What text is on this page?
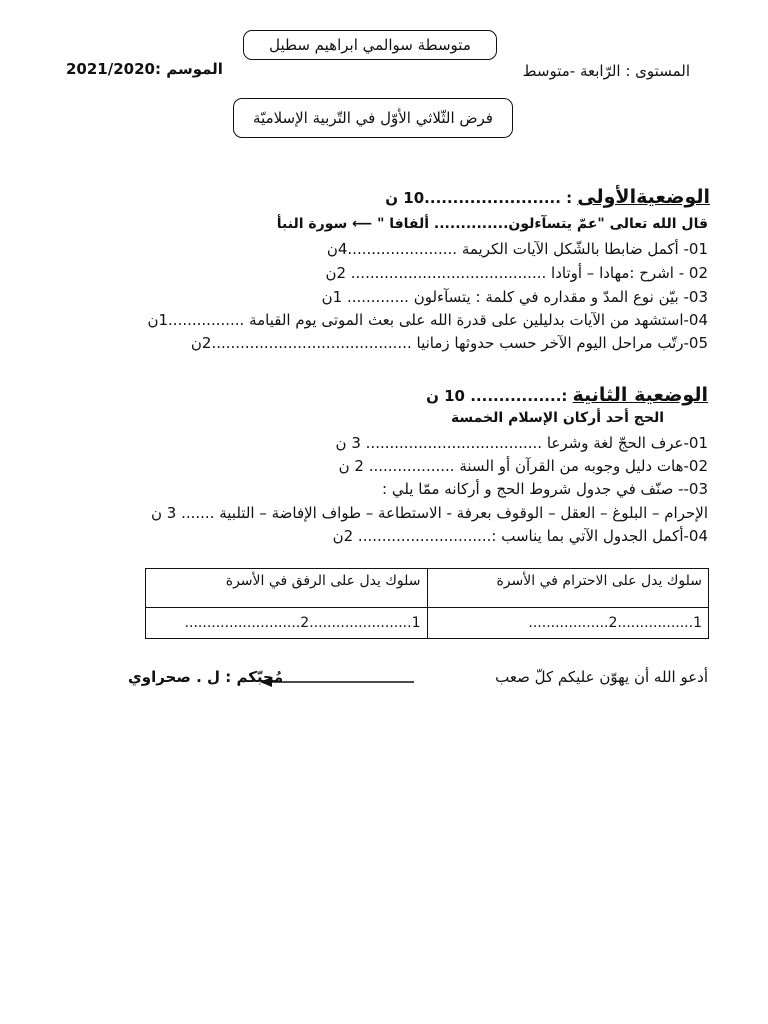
متوسطة سوالمي ابراهيم سطيل
المستوى : الرّابعة -متوسط
الموسم :2021/2020
فرض الثّلاثي الأوّل في التّربية الإسلاميّة
الوضعيةالأولى : ........................10 ن
قال الله تعالى "عمّ يتسآءلون.............. ألفافا " ⟵ سورة النبأ
01- أكمل ضابطا بالشّكل الآيات الكريمة .......................4ن
02 - اشرح :مهادا – أوتادا ......................................... 2ن
03- بيّن نوع المدّ و مقداره في كلمة : يتسآءلون ............. 1ن
04-استشهد من الآيات بدليلين على قدرة الله على بعث الموتى يوم القيامة ................1ن
05-رتّب مراحل اليوم الآخر حسب حدوثها زمانيا ..........................................2ن
الوضعية الثانية :................ 10 ن
الحج أحد أركان الإسلام الخمسة
01-عرف الحجّ لغة وشرعا ..................................... 3 ن
02-هات دليل وجوبه من القرآن أو السنة .................. 2 ن
03-- صنّف في جدول شروط الحج و أركانه ممّا يلي :
الإحرام – البلوغ – العقل – الوقوف بعرفة - الاستطاعة – طواف الإفاضة – التلبية ....... 3 ن
04-أكمل الجدول الآتي بما يناسب :............................ 2ن
سلوك يدل على الاحترام في الأسرة	سلوك يدل على الرفق في الأسرة
1.................2..................	1.......................2..........................
أدعو الله أن يهوّن عليكم كلّ صعب
مُحبّكم : ل . صحراوي
